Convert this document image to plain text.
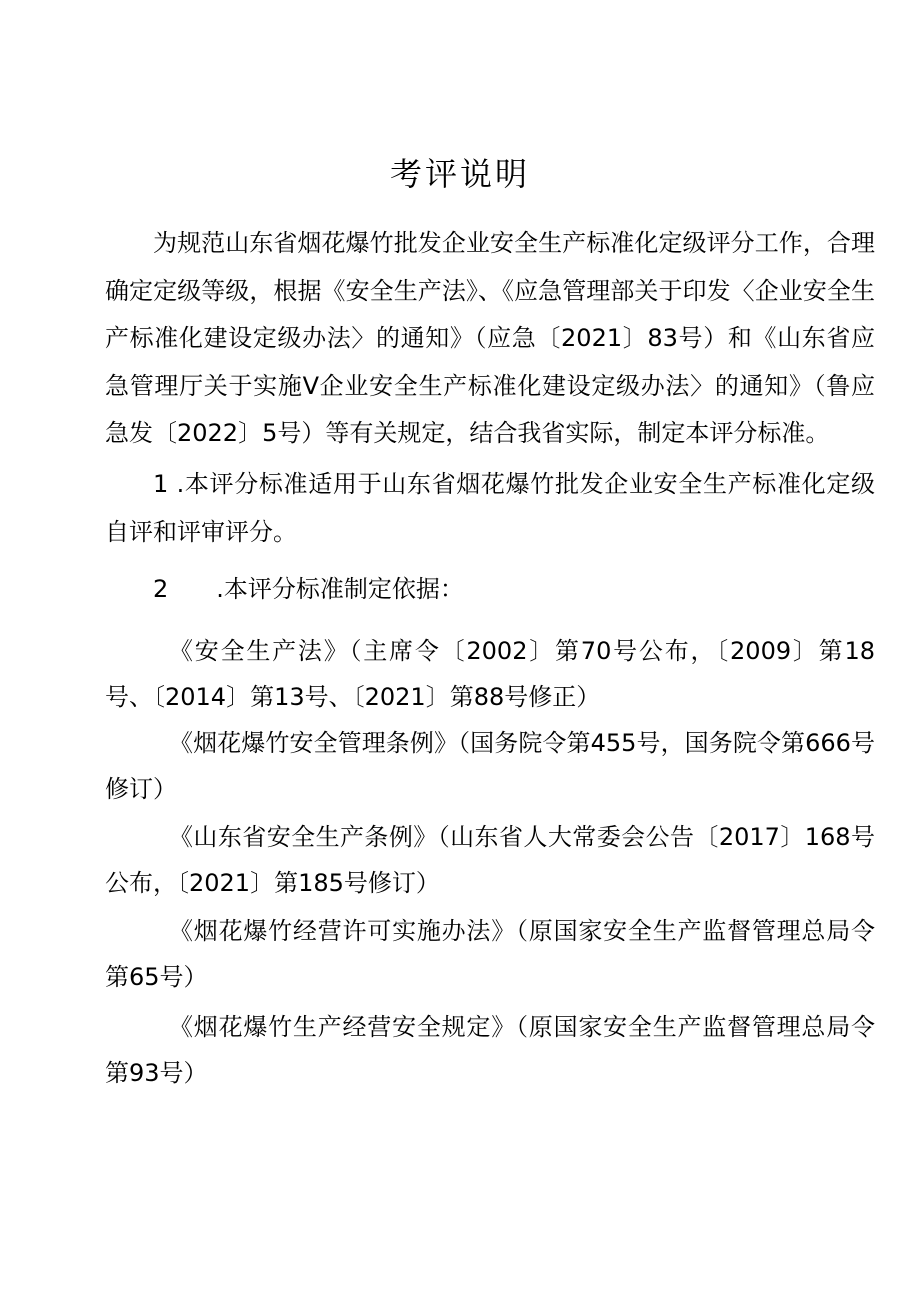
考评说明

为规范山东省烟花爆竹批发企业安全生产标准化定级评分工作，合理确定定级等级，根据《安全生产法》、《应急管理部关于印发〈企业安全生产标准化建设定级办法〉的通知》（应急〔2021〕83号）和《山东省应急管理厅关于实施V企业安全生产标准化建设定级办法〉的通知》（鲁应急发〔2022〕5号）等有关规定，结合我省实际，制定本评分标准。

1 .本评分标准适用于山东省烟花爆竹批发企业安全生产标准化定级自评和评审评分。

2　　.本评分标准制定依据：

《安全生产法》（主席令〔2002〕第70号公布，〔2009〕第18号、〔2014〕第13号、〔2021〕第88号修正）

《烟花爆竹安全管理条例》（国务院令第455号，国务院令第666号修订）

《山东省安全生产条例》（山东省人大常委会公告〔2017〕168号公布，〔2021〕第185号修订）

《烟花爆竹经营许可实施办法》（原国家安全生产监督管理总局令第65号）

《烟花爆竹生产经营安全规定》（原国家安全生产监督管理总局令第93号）
